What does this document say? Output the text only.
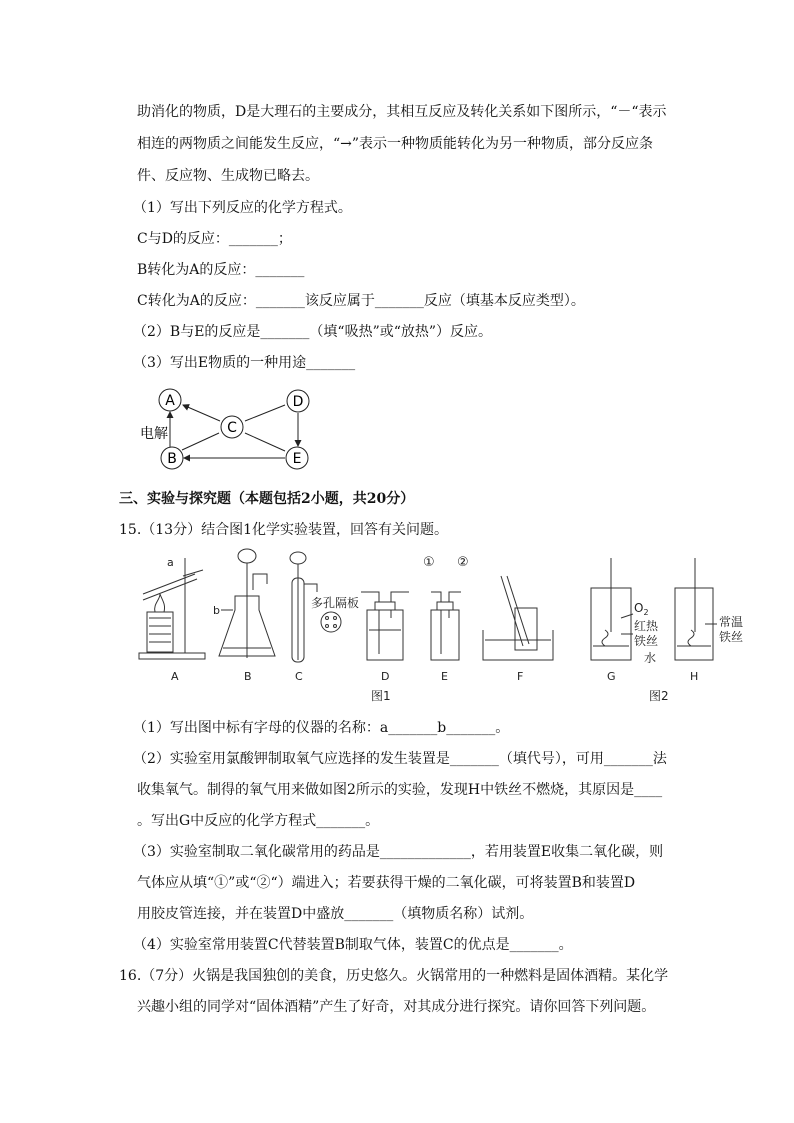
助消化的物质，D是大理石的主要成分，其相互反应及转化关系如下图所示，“－“表示
相连的两物质之间能发生反应，“→”表示一种物质能转化为另一种物质，部分反应条
件、反应物、生成物已略去。
（1）写出下列反应的化学方程式。
C与D的反应：_______；
B转化为A的反应：_______
C转化为A的反应：_______该反应属于_______反应（填基本反应类型）。
（2）B与E的反应是_______（填“吸热”或“放热”）反应。
（3）写出E物质的一种用途_______
A
C
D
B	E
电解
三、实验与探究题（本题包括2小题，共20分）
15.（13分）结合图1化学实验装置，回答有关问题。
a
b
多孔隔板
① ②
$O_2$
红热
铁丝
水
常温
铁丝
A	B	C	D	E	F	G	H
图1	图2
（1）写出图中标有字母的仪器的名称：a_______b_______。
（2）实验室用氯酸钾制取氧气应选择的发生装置是_______（填代号），可用_______法
收集氧气。制得的氧气用来做如图2所示的实验，发现H中铁丝不燃烧，其原因是____
。写出G中反应的化学方程式_______。
（3）实验室制取二氧化碳常用的药品是_____________，若用装置E收集二氧化碳，则
气体应从填“①”或“②“）端进入；若要获得干燥的二氧化碳，可将装置B和装置D
用胶皮管连接，并在装置D中盛放_______（填物质名称）试剂。
（4）实验室常用装置C代替装置B制取气体，装置C的优点是_______。
16.（7分）火锅是我国独创的美食，历史悠久。火锅常用的一种燃料是固体酒精。某化学
兴趣小组的同学对“固体酒精”产生了好奇，对其成分进行探究。请你回答下列问题。
